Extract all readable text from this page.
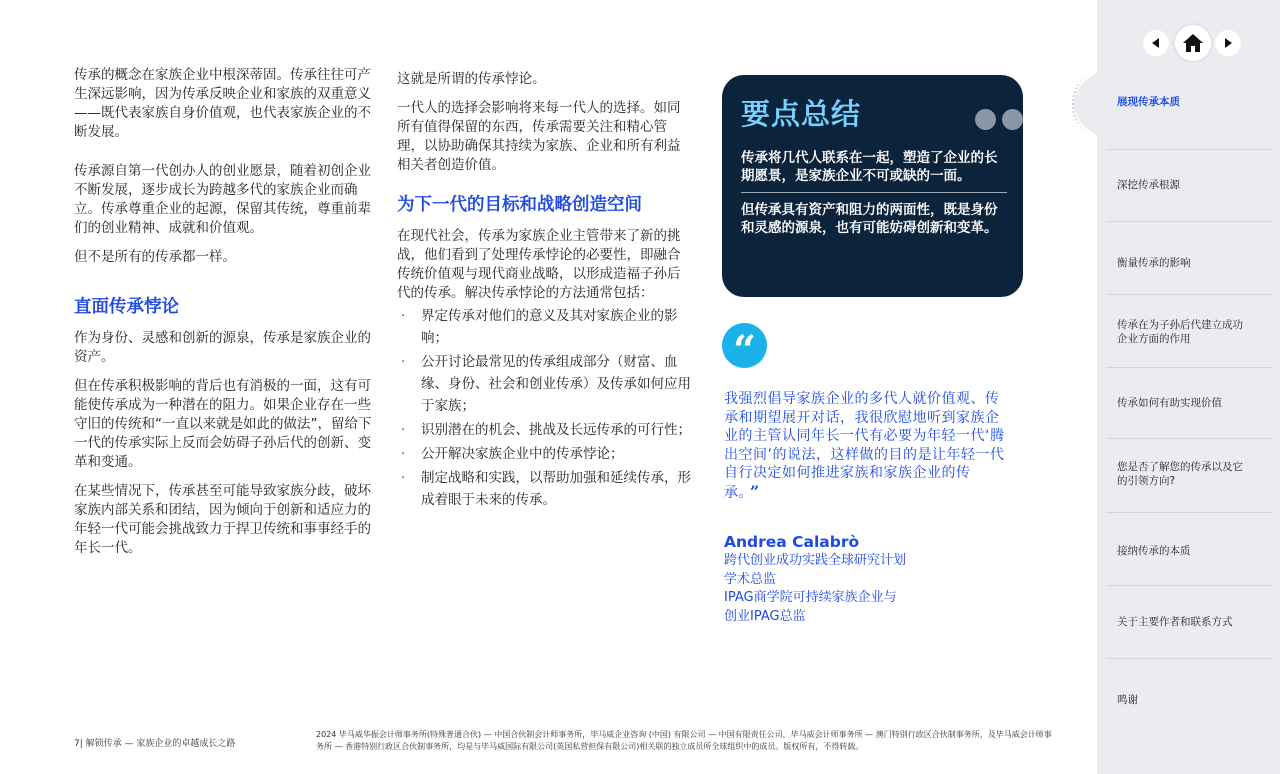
传承的概念在家族企业中根深蒂固。传承往往可产生深远影响，因为传承反映企业和家族的双重意义——既代表家族自身价值观，也代表家族企业的不断发展。

传承源自第一代创办人的创业愿景，随着初创企业不断发展，逐步成长为跨越多代的家族企业而确立。传承尊重企业的起源，保留其传统，尊重前辈们的创业精神、成就和价值观。

但不是所有的传承都一样。

直面传承悖论

作为身份、灵感和创新的源泉，传承是家族企业的资产。

但在传承积极影响的背后也有消极的一面，这有可能使传承成为一种潜在的阻力。如果企业存在一些守旧的传统和“一直以来就是如此的做法”，留给下一代的传承实际上反而会妨碍子孙后代的创新、变革和变通。

在某些情况下，传承甚至可能导致家族分歧，破坏家族内部关系和团结，因为倾向于创新和适应力的年轻一代可能会挑战致力于捍卫传统和事事经手的年长一代。

这就是所谓的传承悖论。

一代人的选择会影响将来每一代人的选择。如同所有值得保留的东西，传承需要关注和精心管理，以协助确保其持续为家族、企业和所有利益相关者创造价值。

为下一代的目标和战略创造空间

在现代社会，传承为家族企业主管带来了新的挑战，他们看到了处理传承悖论的必要性，即融合传统价值观与现代商业战略，以形成造福子孙后代的传承。解决传承悖论的方法通常包括：

· 界定传承对他们的意义及其对家族企业的影响；
· 公开讨论最常见的传承组成部分（财富、血缘、身份、社会和创业传承）及传承如何应用于家族；
· 识别潜在的机会、挑战及长远传承的可行性；
· 公开解决家族企业中的传承悖论；
· 制定战略和实践，以帮助加强和延续传承，形成着眼于未来的传承。
要点总结
传承将几代人联系在一起，塑造了企业的长期愿景，是家族企业不可或缺的一面。
但传承具有资产和阻力的两面性，既是身份和灵感的源泉，也有可能妨碍创新和变革。
“
我强烈倡导家族企业的多代人就价值观、传承和期望展开对话，我很欣慰地听到家族企业的主管认同年长一代有必要为年轻一代‘腾出空间’的说法，这样做的目的是让年轻一代自行决定如何推进家族和家族企业的传承。 ”
Andrea Calabrò
跨代创业成功实践全球研究计划
学术总监
IPAG商学院可持续家族企业与
创业IPAG总监
7| 解锁传承 — 家族企业的卓越成长之路
2024 毕马威华振会计师事务所(特殊普通合伙) — 中国合伙制会计师事务所，毕马威企业咨询 (中国) 有限公司 — 中国有限责任公司，毕马威会计师事务所 — 澳门特别行政区合伙制事务所，及毕马威会计师事务所 — 香港特别行政区合伙制事务所，均是与毕马威国际有限公司(英国私营担保有限公司)相关联的独立成员所全球组织中的成员。版权所有，不得转载。
展现传承本质
深挖传承根源
衡量传承的影响
传承在为子孙后代建立成功企业方面的作用
传承如何有助实现价值
您是否了解您的传承以及它的引领方向?
接纳传承的本质
关于主要作者和联系方式
鸣谢
